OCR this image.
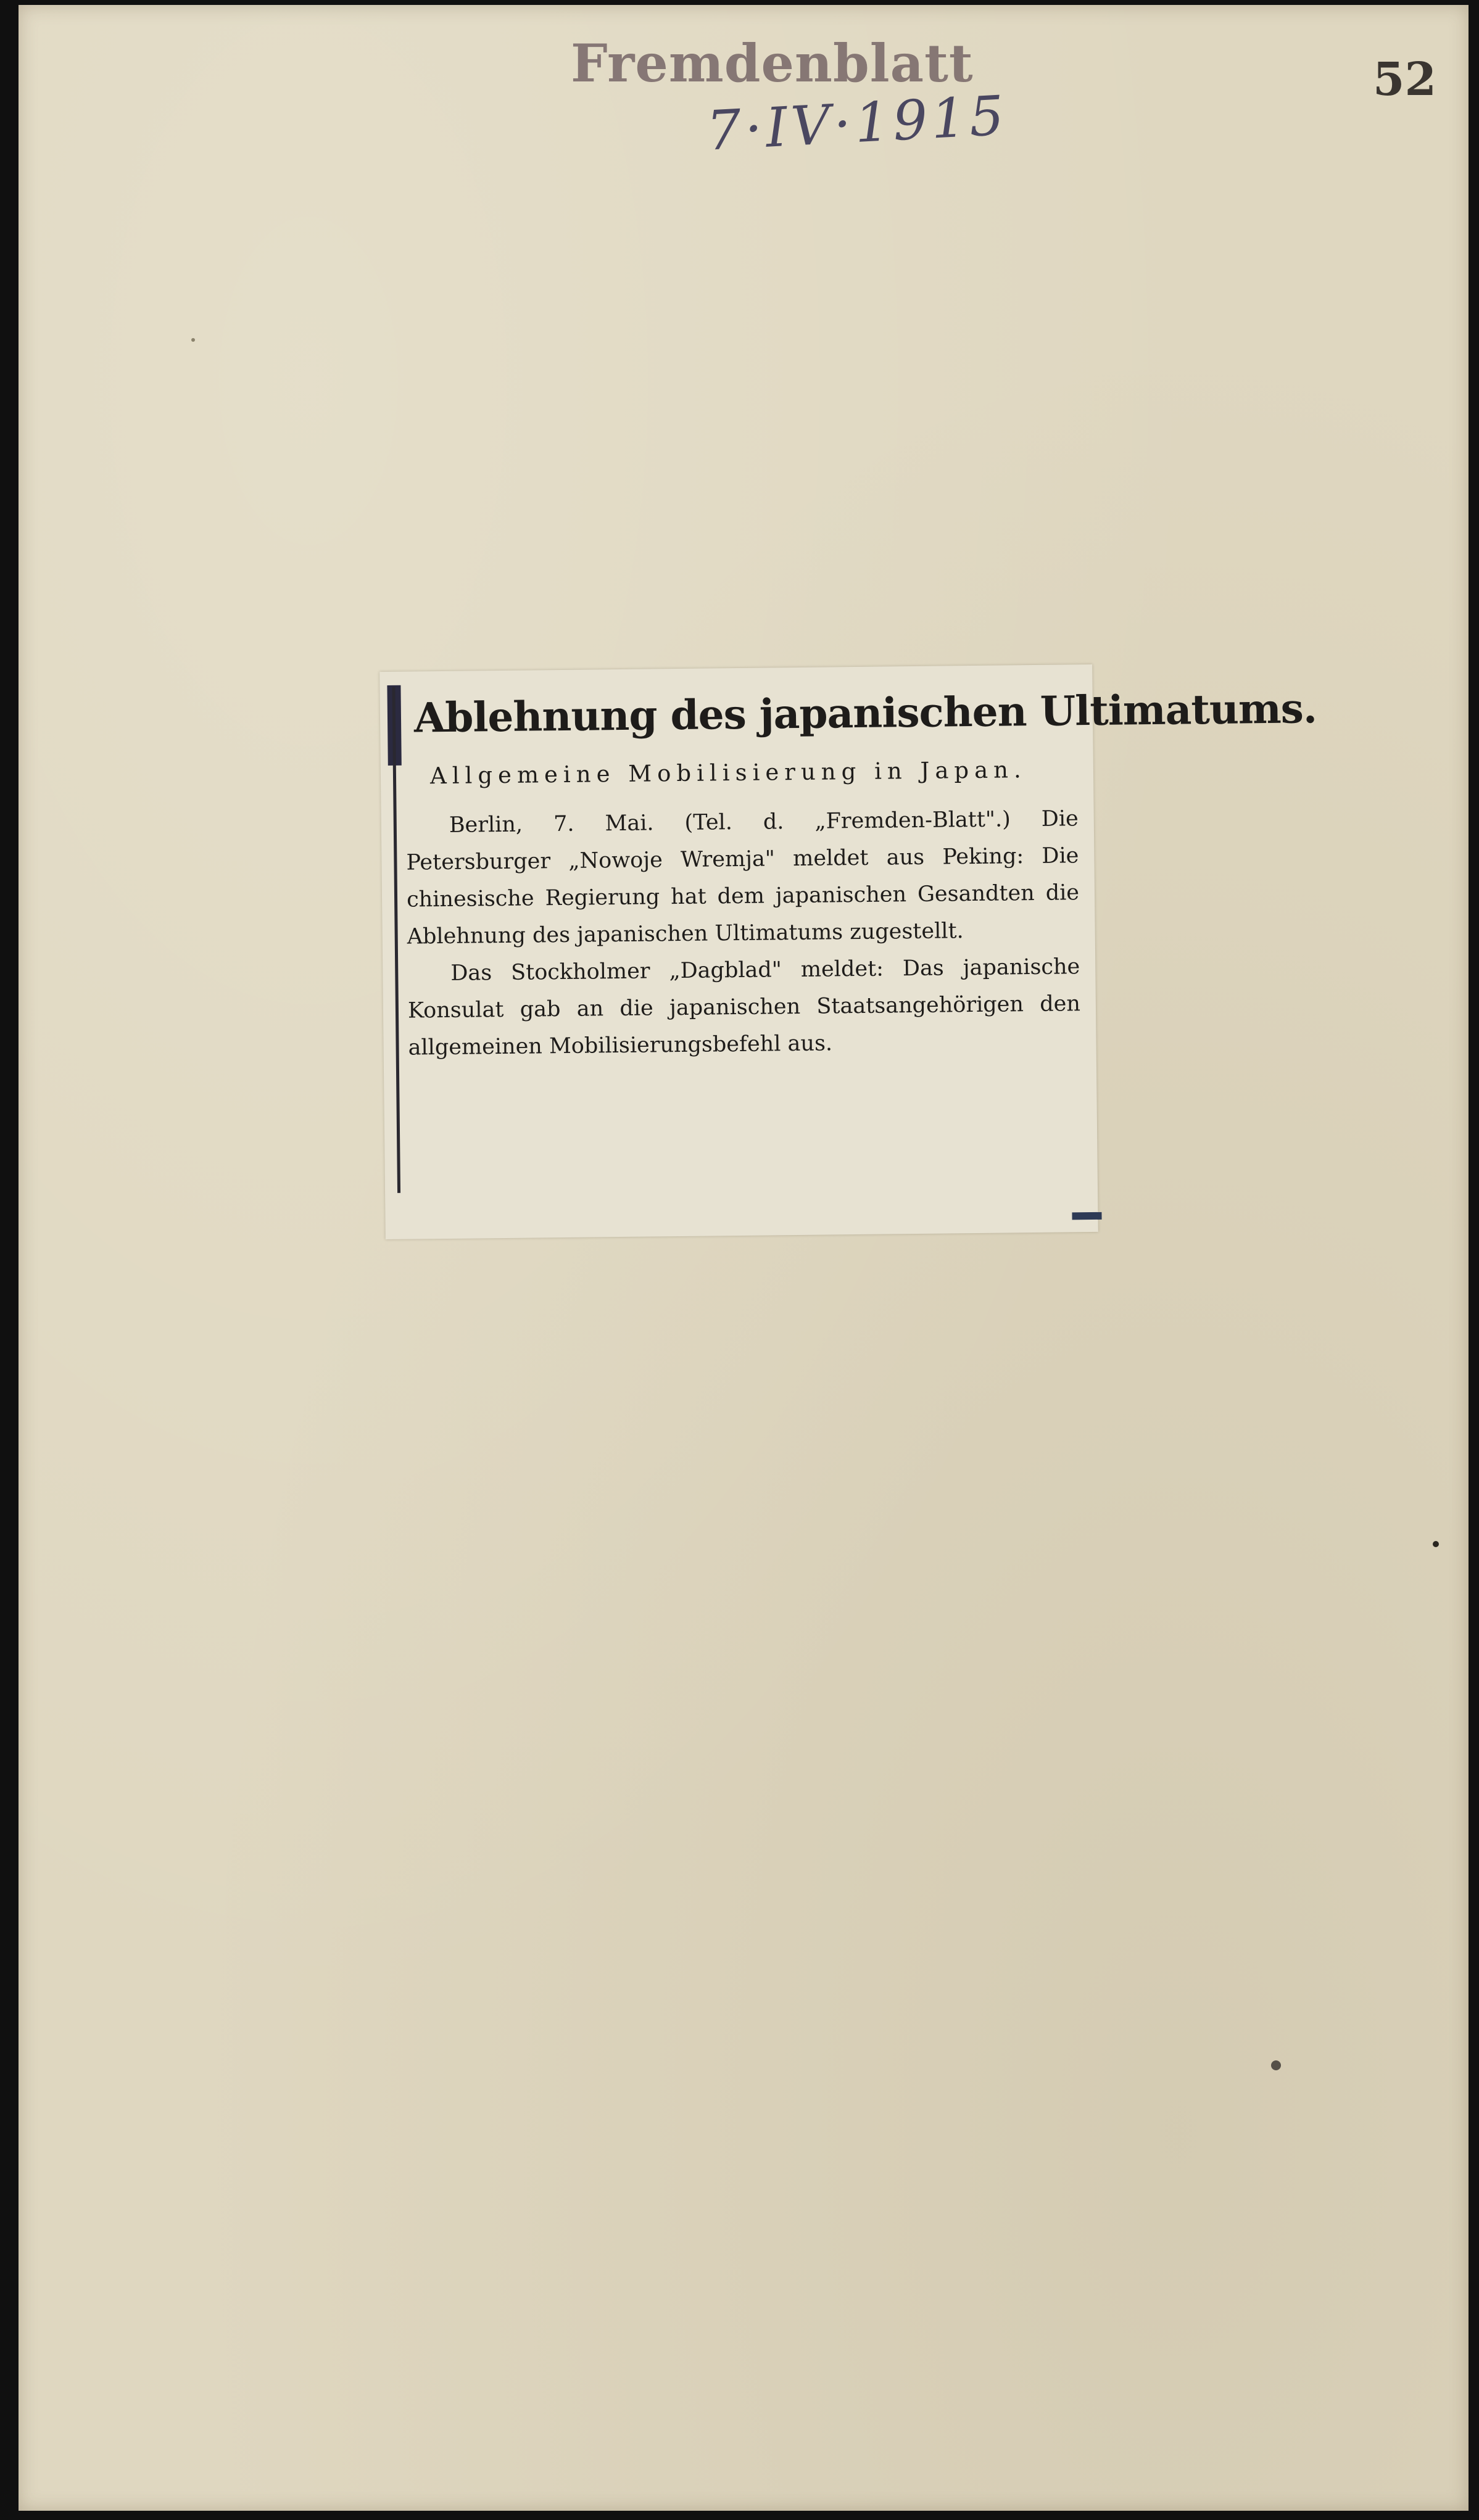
Fremdenblatt
7·IV·1915
52
Ablehnung des japanischen Ultimatums.
Allgemeine Mobilisierung in Japan.

Berlin, 7. Mai. (Tel. d. „Fremden-Blatt".) Die Petersburger „Nowoje Wremja" meldet aus Peking: Die chinesische Regierung hat dem japanischen Gesandten die Ablehnung des japanischen Ultimatums zugestellt.

Das Stockholmer „Dagblad" meldet: Das japanische Konsulat gab an die japanischen Staatsangehörigen den allgemeinen Mobilisierungsbefehl aus.
